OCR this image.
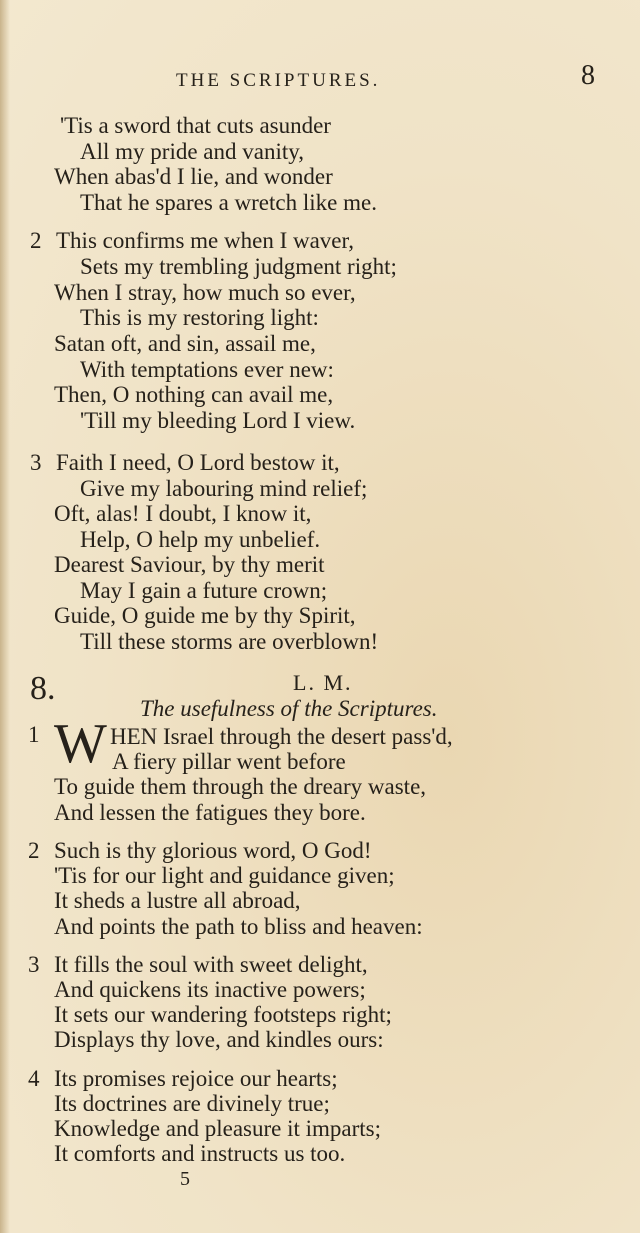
THE SCRIPTURES.	8
'Tis a sword that cuts asunder
All my pride and vanity,
When abas'd I lie, and wonder
That he spares a wretch like me.
2 This confirms me when I waver,
Sets my trembling judgment right;
When I stray, how much so ever,
This is my restoring light:
Satan oft, and sin, assail me,
With temptations ever new:
Then, O nothing can avail me,
'Till my bleeding Lord I view.
3 Faith I need, O Lord bestow it,
Give my labouring mind relief;
Oft, alas! I doubt, I know it,
Help, O help my unbelief.
Dearest Saviour, by thy merit
May I gain a future crown;
Guide, O guide me by thy Spirit,
Till these storms are overblown!
8.	L. M.
The usefulness of the Scriptures.
1 W HEN Israel through the desert pass'd,
A fiery pillar went before
To guide them through the dreary waste,
And lessen the fatigues they bore.
2 Such is thy glorious word, O God!
'Tis for our light and guidance given;
It sheds a lustre all abroad,
And points the path to bliss and heaven:
3 It fills the soul with sweet delight,
And quickens its inactive powers;
It sets our wandering footsteps right;
Displays thy love, and kindles ours:
4 Its promises rejoice our hearts;
Its doctrines are divinely true;
Knowledge and pleasure it imparts;
It comforts and instructs us too.
5
